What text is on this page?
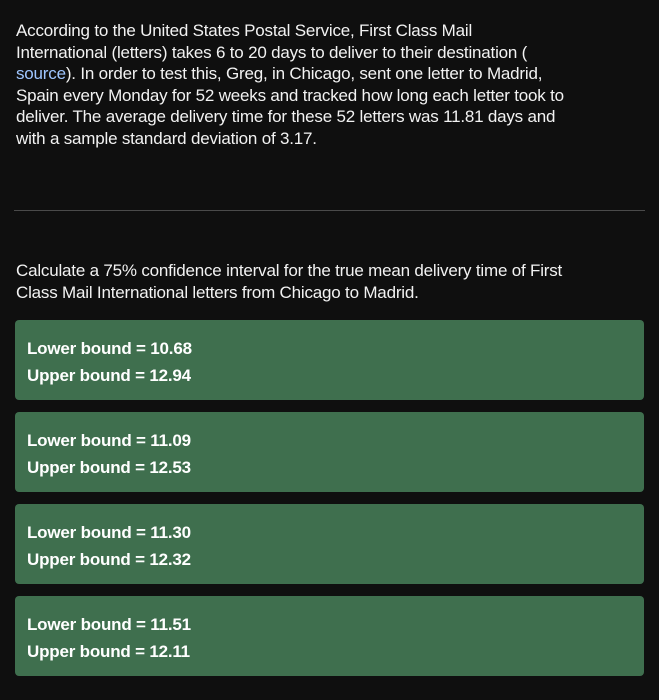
According to the United States Postal Service, First Class Mail
International (letters) takes 6 to 20 days to deliver to their destination (
source). In order to test this, Greg, in Chicago, sent one letter to Madrid,
Spain every Monday for 52 weeks and tracked how long each letter took to
deliver. The average delivery time for these 52 letters was 11.81 days and
with a sample standard deviation of 3.17.
Calculate a 75% confidence interval for the true mean delivery time of First
Class Mail International letters from Chicago to Madrid.
Lower bound = 10.68
Upper bound = 12.94
Lower bound = 11.09
Upper bound = 12.53
Lower bound = 11.30
Upper bound = 12.32
Lower bound = 11.51
Upper bound = 12.11
